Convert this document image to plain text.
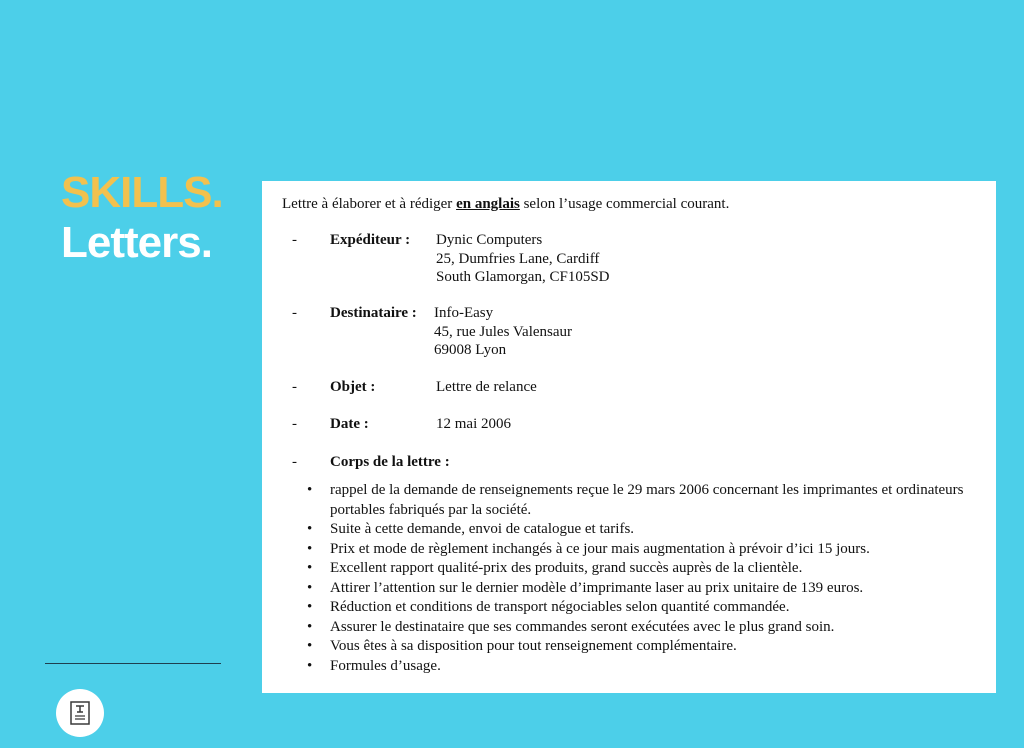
SKILLS.
Letters.
Lettre à élaborer et à rédiger en anglais selon l’usage commercial courant.
- Expéditeur : Dynic Computers
25, Dumfries Lane, Cardiff
South Glamorgan, CF105SD
- Destinataire : Info-Easy
45, rue Jules Valensaur
69008 Lyon
- Objet :	Lettre de relance
- Date :	12 mai 2006
- Corps de la lettre :
• rappel de la demande de renseignements reçue le 29 mars 2006 concernant les imprimantes et ordinateurs portables fabriqués par la société.
• Suite à cette demande, envoi de catalogue et tarifs.
• Prix et mode de règlement inchangés à ce jour mais augmentation à prévoir d’ici 15 jours.
• Excellent rapport qualité-prix des produits, grand succès auprès de la clientèle.
• Attirer l’attention sur le dernier modèle d’imprimante laser au prix unitaire de 139 euros.
• Réduction et conditions de transport négociables selon quantité commandée.
• Assurer le destinataire que ses commandes seront exécutées avec le plus grand soin.
• Vous êtes à sa disposition pour tout renseignement complémentaire.
• Formules d’usage.
